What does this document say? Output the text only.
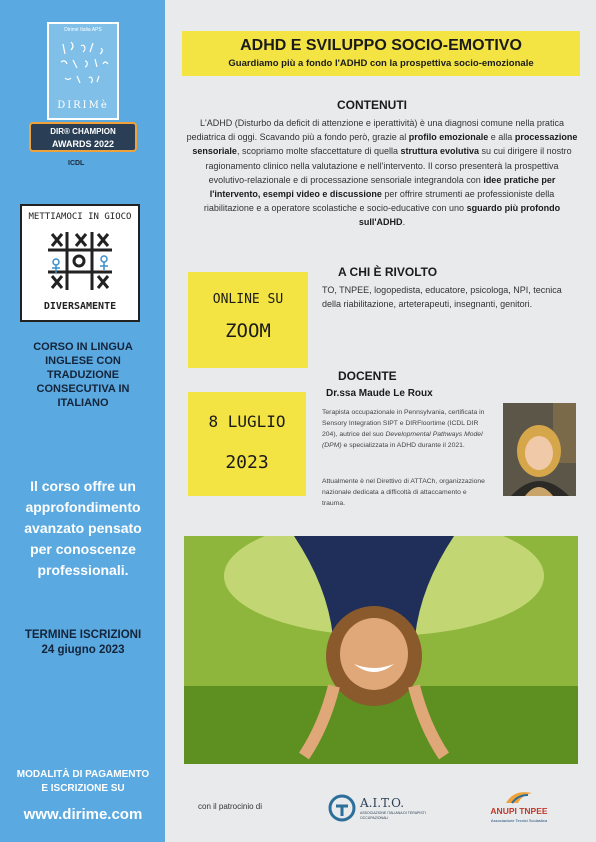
Dirimè Italia APS
DIRIMè
DIR® CHAMPION
AWARDS 2022
ICDL
METTIAMOCI IN GIOCO
DIVERSAMENTE
CORSO IN LINGUA INGLESE CON TRADUZIONE CONSECUTIVA IN ITALIANO
Il corso offre un approfondimento avanzato pensato per conoscenze professionali.
TERMINE ISCRIZIONI
24 giugno 2023
MODALITÀ DI PAGAMENTO
E ISCRIZIONE SU
www.dirime.com
ADHD E SVILUPPO SOCIO-EMOTIVO
Guardiamo più a fondo l'ADHD con la prospettiva socio-emozionale
CONTENUTI
L'ADHD (Disturbo da deficit di attenzione e iperattività) è una diagnosi comune nella pratica pediatrica di oggi. Scavando più a fondo però, grazie al profilo emozionale e alla processazione sensoriale, scopriamo molte sfaccettature di quella struttura evolutiva su cui dirigere il nostro ragionamento clinico nella valutazione e nell'intervento. Il corso presenterà la prospettiva evolutivo-relazionale e di processazione sensoriale integrandola con idee pratiche per l'intervento, esempi video e discussione per offrire strumenti ae professioniste della riabilitazione e a operatore scolastiche e socio-educative con uno sguardo più profondo sull'ADHD.
ONLINE SU
ZOOM
A CHI È RIVOLTO
TO, TNPEE, logopedista, educatore, psicologa, NPI, tecnica della riabilitazione, arteterapeuti, insegnanti, genitori.
8 LUGLIO
2023
DOCENTE
Dr.ssa Maude Le Roux
Terapista occupazionale in Pennsylvania, certificata in Sensory Integration SIPT e DIRFloortime (ICDL DIR 204), autrice del suo Developmental Pathways Model (DPM) e specializzata in ADHD durante il 2021.
Attualmente è nel Direttivo di ATTACh, organizzazione nazionale dedicata a difficoltà di attaccamento e trauma.
con il patrocinio di	A.I.T.O.
ASSOCIAZIONE ITALIANA DI TERAPISTI OCCUPAZIONALI
ANUPI TNPEE
Associazione Tecnici Scolastica
